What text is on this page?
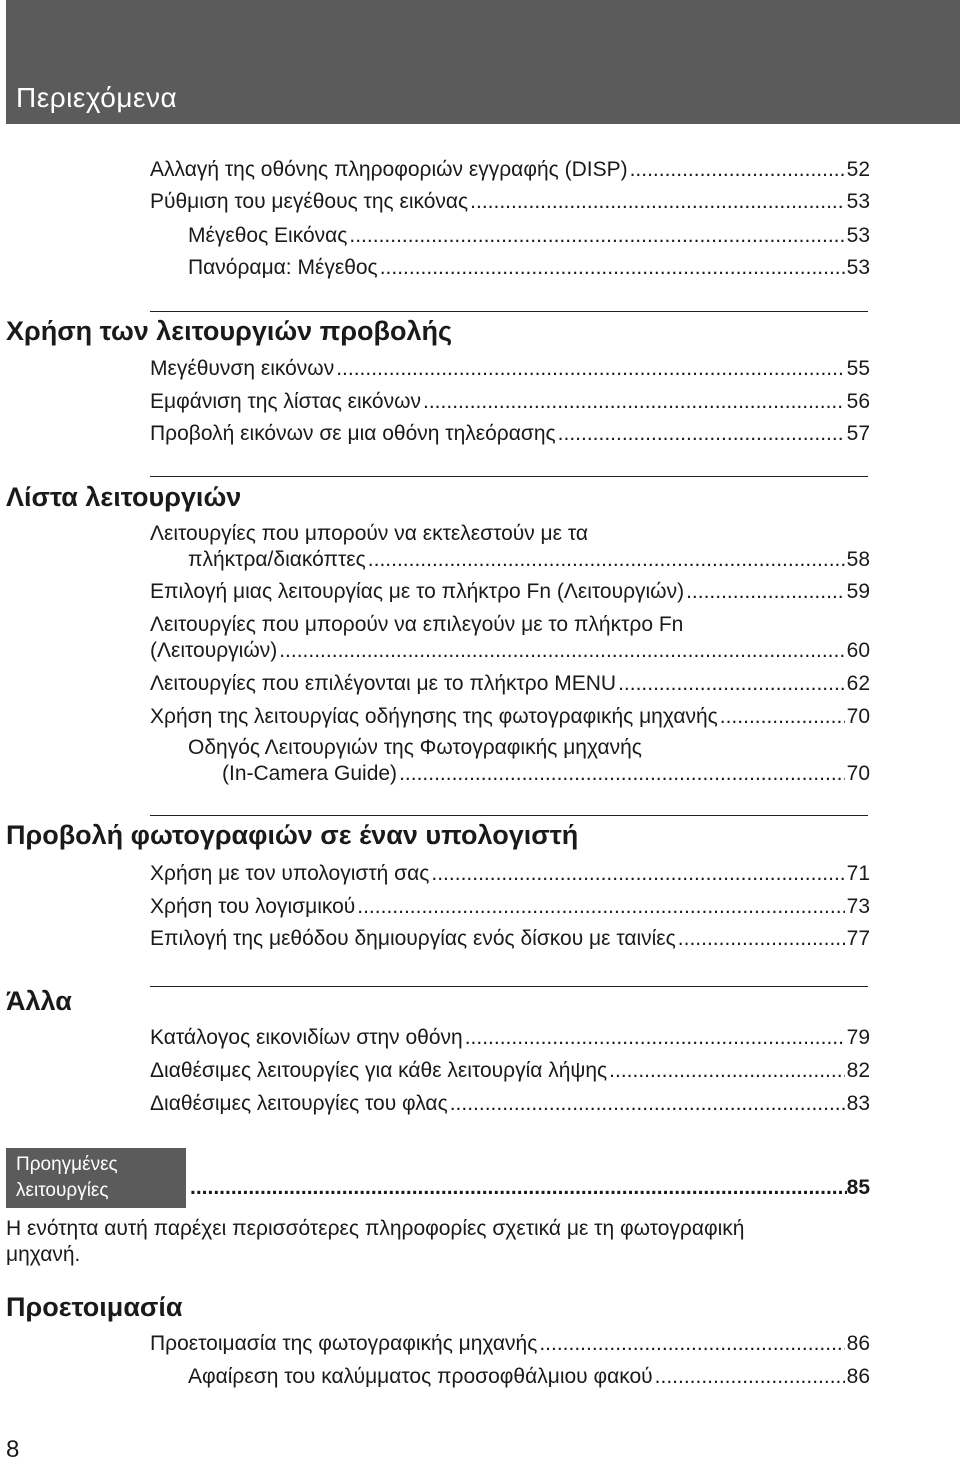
Περιεχόμενα
Αλλαγή της οθόνης πληροφοριών εγγραφής (DISP) .....	52
Ρύθμιση του μεγέθους της εικόνας .....	53
Μέγεθος Εικόνας .....	53
Πανόραμα: Μέγεθος .....	53
Χρήση των λειτουργιών προβολής
Μεγέθυνση εικόνων .....	55
Εμφάνιση της λίστας εικόνων .....	56
Προβολή εικόνων σε μια οθόνη τηλεόρασης .....	57
Λίστα λειτουργιών
Λειτουργίες που μπορούν να εκτελεστούν με τα
πλήκτρα/διακόπτες .....	58
Επιλογή μιας λειτουργίας με το πλήκτρο Fn (Λειτουργιών) .....	59
Λειτουργίες που μπορούν να επιλεγούν με το πλήκτρο Fn
(Λειτουργιών) .....	60
Λειτουργίες που επιλέγονται με το πλήκτρο MENU .....	62
Χρήση της λειτουργίας οδήγησης της φωτογραφικής μηχανής .....	70
Οδηγός Λειτουργιών της Φωτογραφικής μηχανής
(In-Camera Guide) .....	70
Προβολή φωτογραφιών σε έναν υπολογιστή
Χρήση με τον υπολογιστή σας .....	71
Χρήση του λογισμικού .....	73
Επιλογή της μεθόδου δημιουργίας ενός δίσκου με ταινίες .....	77
Άλλα
Κατάλογος εικονιδίων στην οθόνη .....	79
Διαθέσιμες λειτουργίες για κάθε λειτουργία λήψης .....	82
Διαθέσιμες λειτουργίες του φλας .....	83
Προηγμένες
λειτουργίες .....	85
Η ενότητα αυτή παρέχει περισσότερες πληροφορίες σχετικά με τη φωτογραφική μηχανή.
Προετοιμασία
Προετοιμασία της φωτογραφικής μηχανής .....	86
Αφαίρεση του καλύμματος προσοφθάλμιου φακού .....	86
8
